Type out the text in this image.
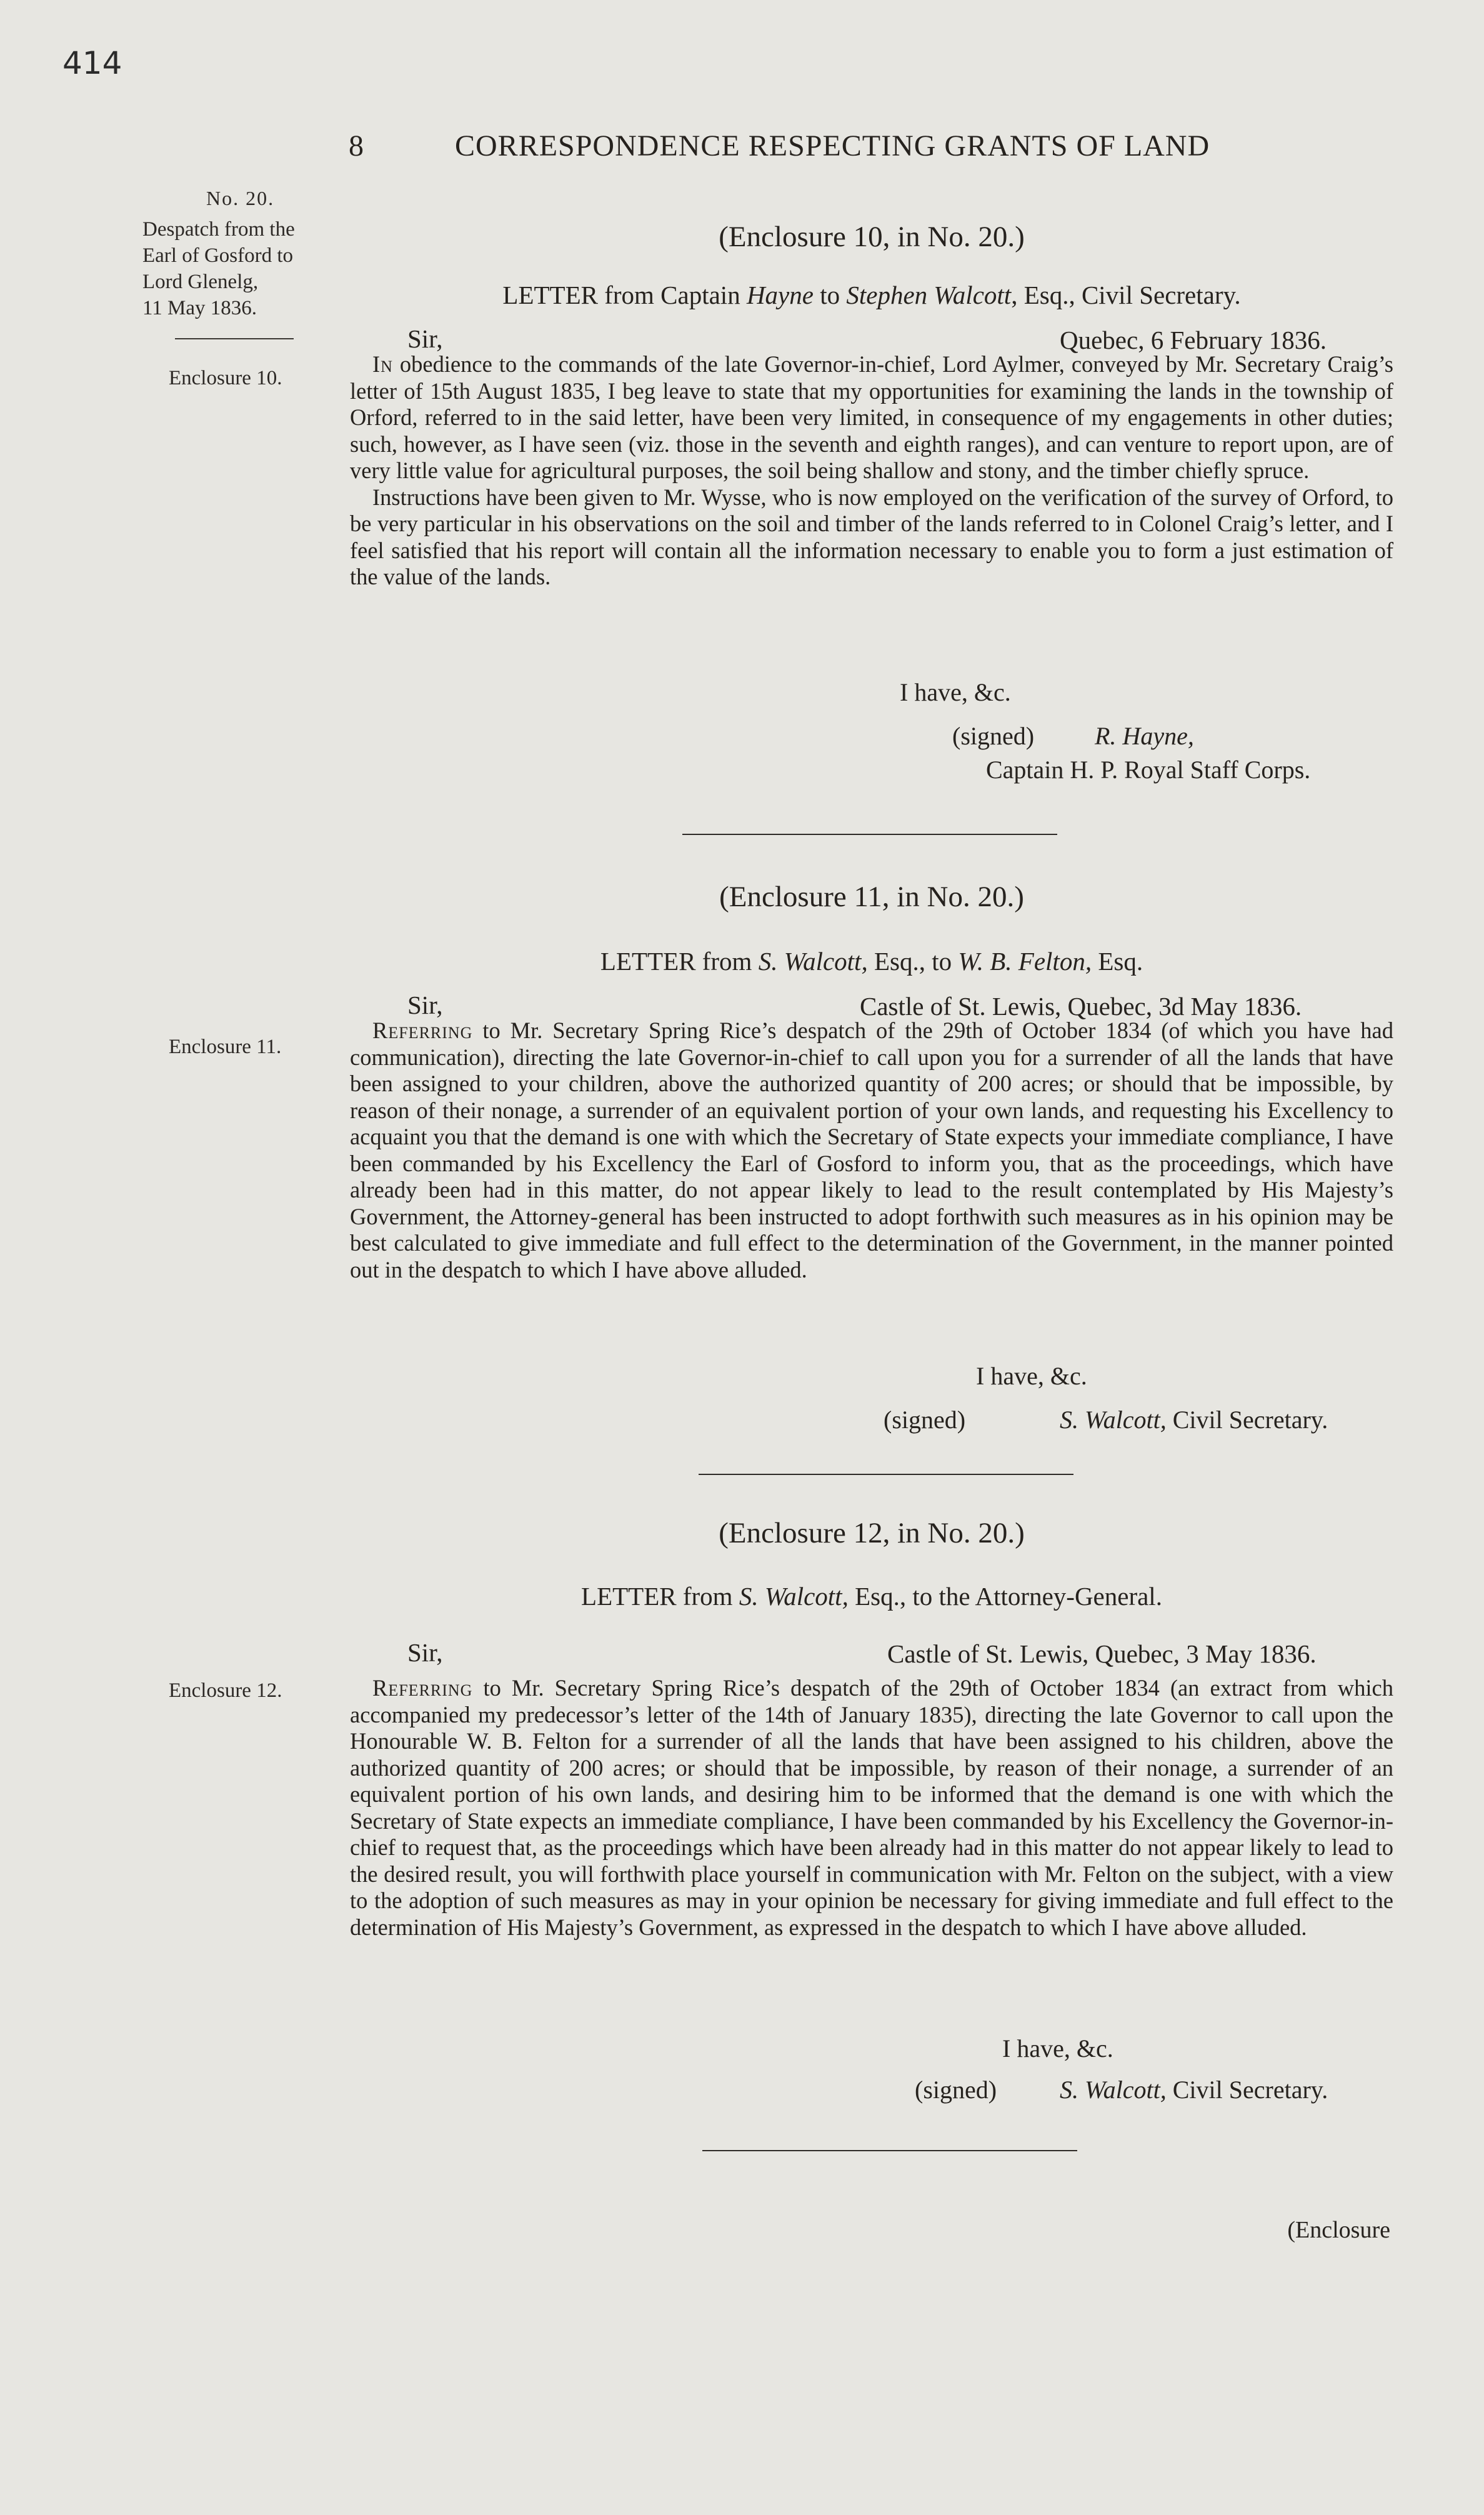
414
8	CORRESPONDENCE RESPECTING GRANTS OF LAND
No. 20.
Despatch from the
Earl of Gosford to
Lord Glenelg,
11 May 1836.
Enclosure 10.
Enclosure 11.
Enclosure 12.
(Enclosure 10, in No. 20.)
LETTER from Captain Hayne to Stephen Walcott, Esq., Civil Secretary.
Sir,	Quebec, 6 February 1836.

In obedience to the commands of the late Governor-in-chief, Lord Aylmer, conveyed by Mr. Secretary Craig’s letter of 15th August 1835, I beg leave to state that my opportunities for examining the lands in the township of Orford, referred to in the said letter, have been very limited, in consequence of my engagements in other duties; such, however, as I have seen (viz. those in the seventh and eighth ranges), and can venture to report upon, are of very little value for agricultural purposes, the soil being shallow and stony, and the timber chiefly spruce.

Instructions have been given to Mr. Wysse, who is now employed on the verification of the survey of Orford, to be very particular in his observations on the soil and timber of the lands referred to in Colonel Craig’s letter, and I feel satisfied that his report will contain all the information necessary to enable you to form a just estimation of the value of the lands.

I have, &c.
(signed) R. Hayne,
Captain H. P. Royal Staff Corps.
(Enclosure 11, in No. 20.)
LETTER from S. Walcott, Esq., to W. B. Felton, Esq.
Sir,	Castle of St. Lewis, Quebec, 3d May 1836.

Referring to Mr. Secretary Spring Rice’s despatch of the 29th of October 1834 (of which you have had communication), directing the late Governor-in-chief to call upon you for a surrender of all the lands that have been assigned to your children, above the authorized quantity of 200 acres; or should that be impossible, by reason of their nonage, a surrender of an equivalent portion of your own lands, and requesting his Excellency to acquaint you that the demand is one with which the Secretary of State expects your immediate compliance, I have been commanded by his Excellency the Earl of Gosford to inform you, that as the proceedings, which have already been had in this matter, do not appear likely to lead to the result contemplated by His Majesty’s Government, the Attorney-general has been instructed to adopt forthwith such measures as in his opinion may be best calculated to give immediate and full effect to the determination of the Government, in the manner pointed out in the despatch to which I have above alluded.

I have, &c.
(signed)	S. Walcott, Civil Secretary.
(Enclosure 12, in No. 20.)
LETTER from S. Walcott, Esq., to the Attorney-General.
Sir,	Castle of St. Lewis, Quebec, 3 May 1836.

Referring to Mr. Secretary Spring Rice’s despatch of the 29th of October 1834 (an extract from which accompanied my predecessor’s letter of the 14th of January 1835), directing the late Governor to call upon the Honourable W. B. Felton for a surrender of all the lands that have been assigned to his children, above the authorized quantity of 200 acres; or should that be impossible, by reason of their nonage, a surrender of an equivalent portion of his own lands, and desiring him to be informed that the demand is one with which the Secretary of State expects an immediate compliance, I have been commanded by his Excellency the Governor-in-chief to request that, as the proceedings which have been already had in this matter do not appear likely to lead to the desired result, you will forthwith place yourself in communication with Mr. Felton on the subject, with a view to the adoption of such measures as may in your opinion be necessary for giving immediate and full effect to the determination of His Majesty’s Government, as expressed in the despatch to which I have above alluded.

I have, &c.
(signed)	S. Walcott, Civil Secretary.
(Enclosure
